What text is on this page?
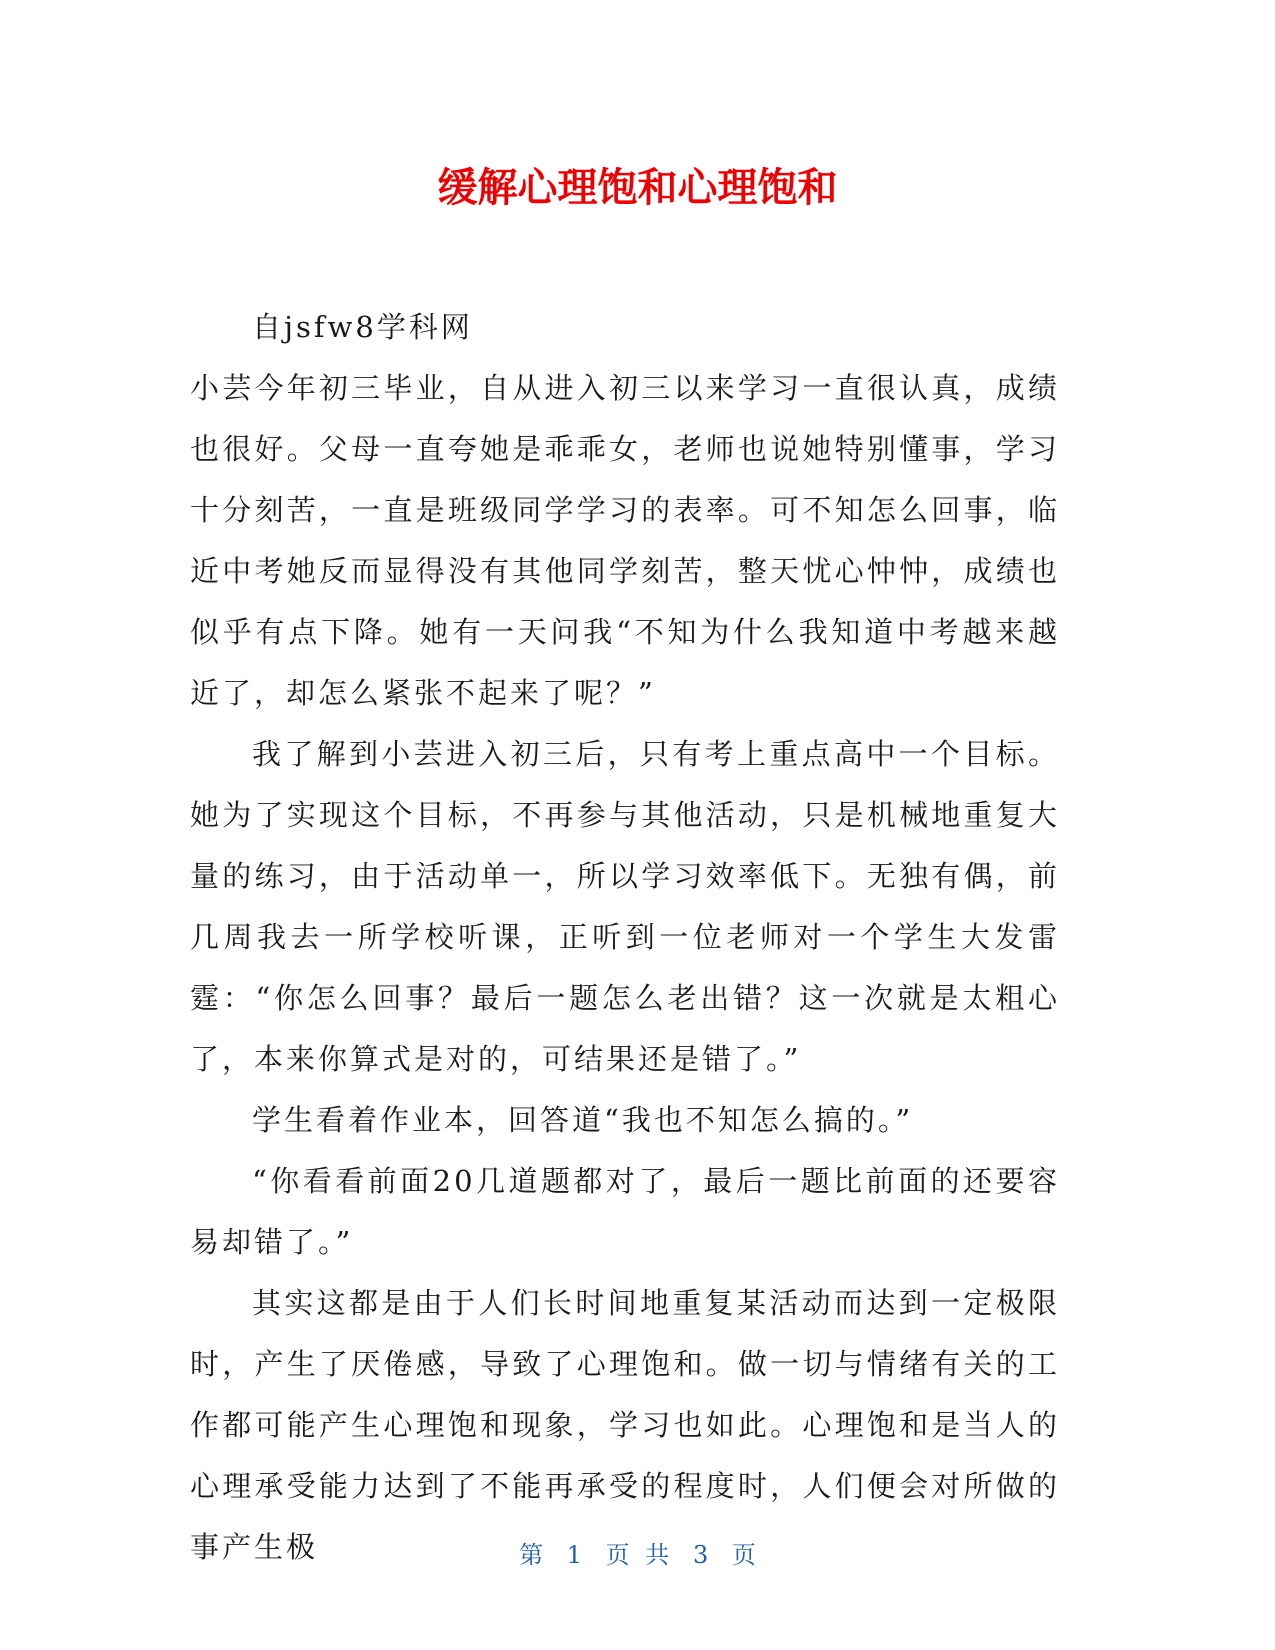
缓解心理饱和心理饱和

自jsfw8学科网

小芸今年初三毕业，自从进入初三以来学习一直很认真，成绩也很好。父母一直夸她是乖乖女，老师也说她特别懂事，学习十分刻苦，一直是班级同学学习的表率。可不知怎么回事，临近中考她反而显得没有其他同学刻苦，整天忧心忡忡，成绩也似乎有点下降。她有一天问我“不知为什么我知道中考越来越近了，却怎么紧张不起来了呢？”

我了解到小芸进入初三后，只有考上重点高中一个目标。她为了实现这个目标，不再参与其他活动，只是机械地重复大量的练习，由于活动单一，所以学习效率低下。无独有偶，前几周我去一所学校听课，正听到一位老师对一个学生大发雷霆：“你怎么回事？最后一题怎么老出错？这一次就是太粗心了，本来你算式是对的，可结果还是错了。”

学生看着作业本，回答道“我也不知怎么搞的。”

“你看看前面20几道题都对了，最后一题比前面的还要容易却错了。”

其实这都是由于人们长时间地重复某活动而达到一定极限时，产生了厌倦感，导致了心理饱和。做一切与情绪有关的工作都可能产生心理饱和现象，学习也如此。心理饱和是当人的心理承受能力达到了不能再承受的程度时，人们便会对所做的事产生极	第 1 页 共 3 页
